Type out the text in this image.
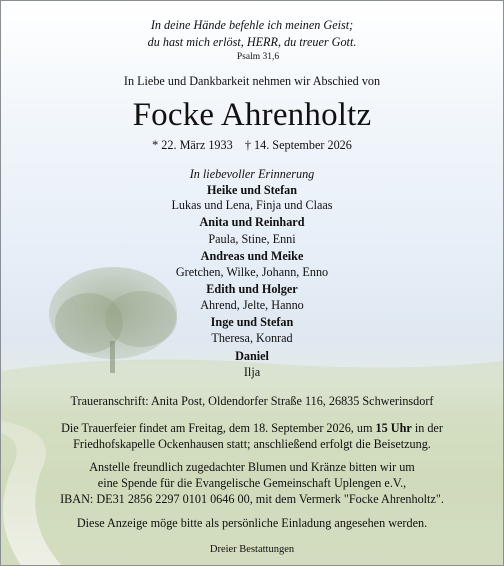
In deine Hände befehle ich meinen Geist;
du hast mich erlöst, HERR, du treuer Gott.
Psalm 31,6
In Liebe und Dankbarkeit nehmen wir Abschied von
Focke Ahrenholtz
* 22. März 1933    † 14. September 2026
In liebevoller Erinnerung
Heike und Stefan
Lukas und Lena, Finja und Claas
Anita und Reinhard
Paula, Stine, Enni
Andreas und Meike
Gretchen, Wilke, Johann, Enno
Edith und Holger
Ahrend, Jelte, Hanno
Inge und Stefan
Theresa, Konrad
Daniel
Ilja
Traueranschrift: Anita Post, Oldendorfer Straße 116, 26835 Schwerinsdorf
Die Trauerfeier findet am Freitag, dem 18. September 2026, um 15 Uhr in der
Friedhofskapelle Ockenhausen statt; anschließend erfolgt die Beisetzung.
Anstelle freundlich zugedachter Blumen und Kränze bitten wir um
eine Spende für die Evangelische Gemeinschaft Uplengen e.V.,
IBAN: DE31 2856 2297 0101 0646 00, mit dem Vermerk "Focke Ahrenholtz".
Diese Anzeige möge bitte als persönliche Einladung angesehen werden.
Dreier Bestattungen
